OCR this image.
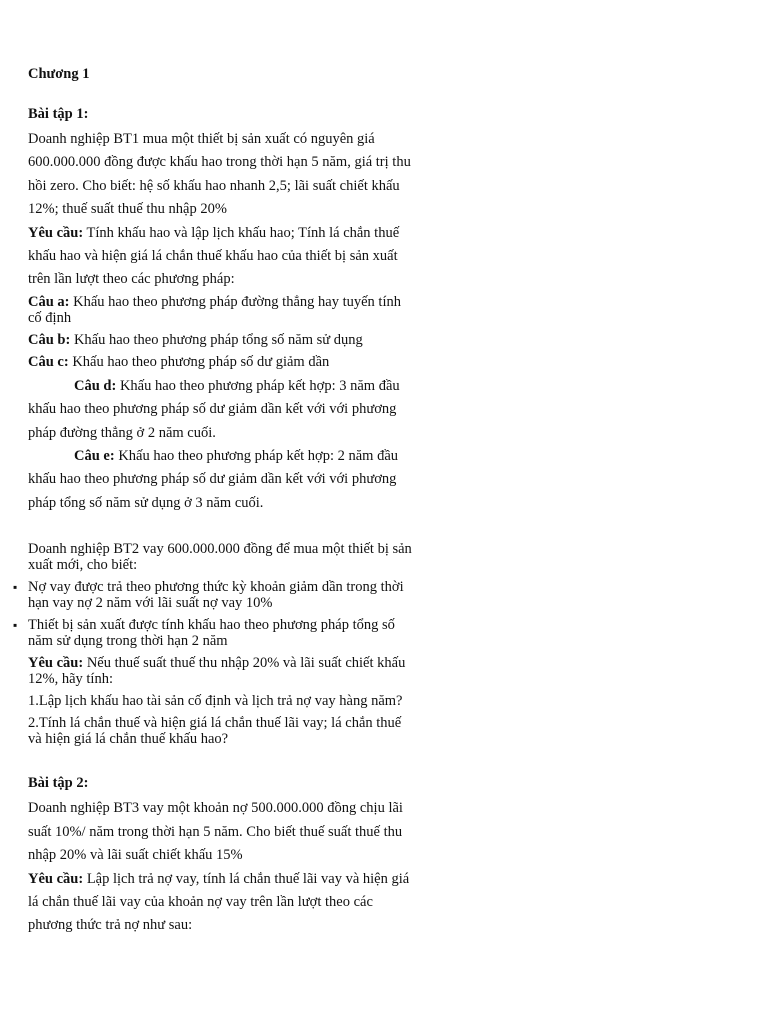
Chương 1

Bài tập 1:

Doanh nghiệp BT1 mua một thiết bị sản xuất có nguyên giá 600.000.000 đồng được khấu hao trong thời hạn 5 năm, giá trị thu hồi zero. Cho biết: hệ số khấu hao nhanh 2,5; lãi suất chiết khấu 12%; thuế suất thuế thu nhập 20%

Yêu cầu: Tính khấu hao và lập lịch khấu hao; Tính lá chắn thuế khấu hao và hiện giá lá chắn thuế khấu hao của thiết bị sản xuất trên lần lượt theo các phương pháp:

Câu a: Khấu hao theo phương pháp đường thẳng hay tuyến tính cố định

Câu b: Khấu hao theo phương pháp tổng số năm sử dụng

Câu c: Khấu hao theo phương pháp số dư giảm dần

Câu d: Khấu hao theo phương pháp kết hợp: 3 năm đầu khấu hao theo phương pháp số dư giảm dần kết với với phương pháp đường thẳng ở 2 năm cuối.

Câu e: Khấu hao theo phương pháp kết hợp: 2 năm đầu khấu hao theo phương pháp số dư giảm dần kết với với phương pháp tổng số năm sử dụng ở 3 năm cuối.

Doanh nghiệp BT2 vay 600.000.000 đồng để mua một thiết bị sản xuất mới, cho biết:

▪ Nợ vay được trả theo phương thức kỳ khoản giảm dần trong thời hạn vay nợ 2 năm với lãi suất nợ vay 10%

▪ Thiết bị sản xuất được tính khấu hao theo phương pháp tổng số năm sử dụng trong thời hạn 2 năm

Yêu cầu: Nếu thuế suất thuế thu nhập 20% và lãi suất chiết khấu 12%, hãy tính:

1.Lập lịch khấu hao tài sản cố định và lịch trả nợ vay hàng năm?

2.Tính lá chắn thuế và hiện giá lá chắn thuế lãi vay; lá chắn thuế và hiện giá lá chắn thuế khấu hao?

Bài tập 2:

Doanh nghiệp BT3 vay một khoản nợ 500.000.000 đồng chịu lãi suất 10%/ năm trong thời hạn 5 năm. Cho biết thuế suất thuế thu nhập 20% và lãi suất chiết khấu 15%

Yêu cầu: Lập lịch trả nợ vay, tính lá chắn thuế lãi vay và hiện giá lá chắn thuế lãi vay của khoản nợ vay trên lần lượt theo các phương thức trả nợ như sau:
